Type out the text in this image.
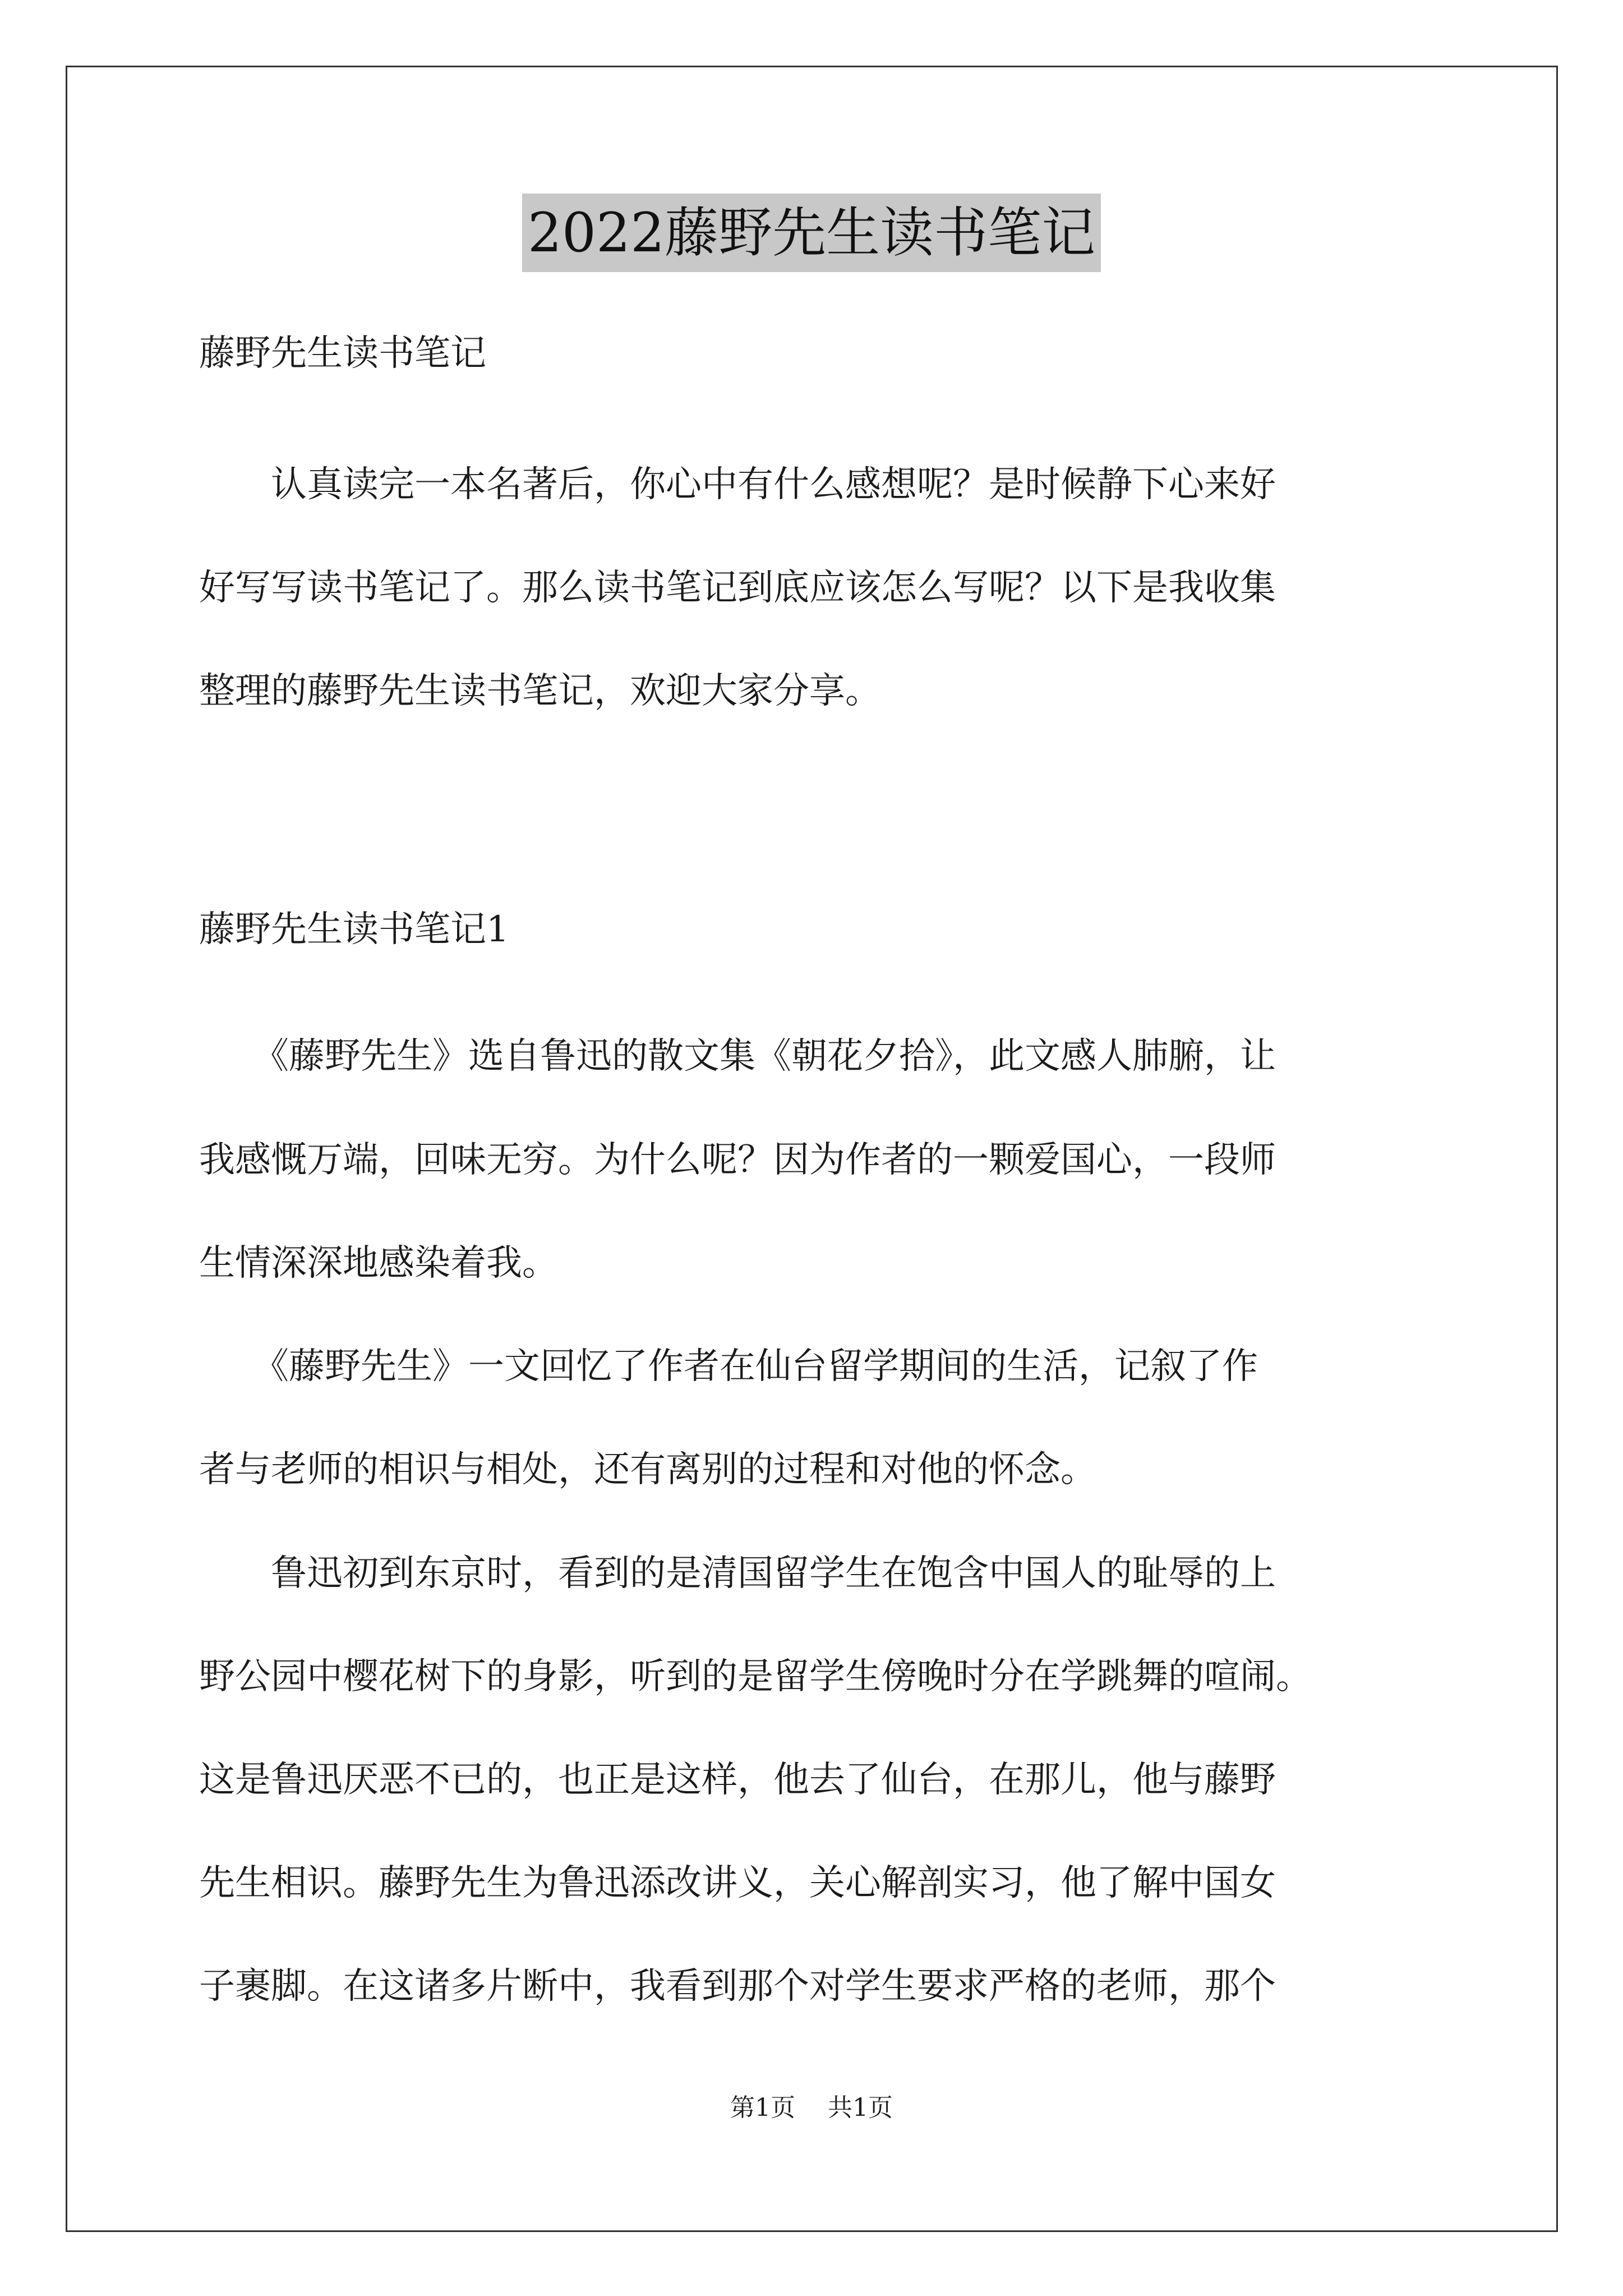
2022藤野先生读书笔记
藤野先生读书笔记
　　认真读完一本名著后，你心中有什么感想呢？是时候静下心来好
好写写读书笔记了。那么读书笔记到底应该怎么写呢？以下是我收集
整理的藤野先生读书笔记，欢迎大家分享。
藤野先生读书笔记1
　　《藤野先生》选自鲁迅的散文集《朝花夕拾》，此文感人肺腑，让
我感慨万端，回味无穷。为什么呢？因为作者的一颗爱国心，一段师
生情深深地感染着我。
　　《藤野先生》一文回忆了作者在仙台留学期间的生活，记叙了作
者与老师的相识与相处，还有离别的过程和对他的怀念。
　　鲁迅初到东京时，看到的是清国留学生在饱含中国人的耻辱的上
野公园中樱花树下的身影，听到的是留学生傍晚时分在学跳舞的喧闹。
这是鲁迅厌恶不已的，也正是这样，他去了仙台，在那儿，他与藤野
先生相识。藤野先生为鲁迅添改讲义，关心解剖实习，他了解中国女
子裹脚。在这诸多片断中，我看到那个对学生要求严格的老师，那个
第1页　 共1页
